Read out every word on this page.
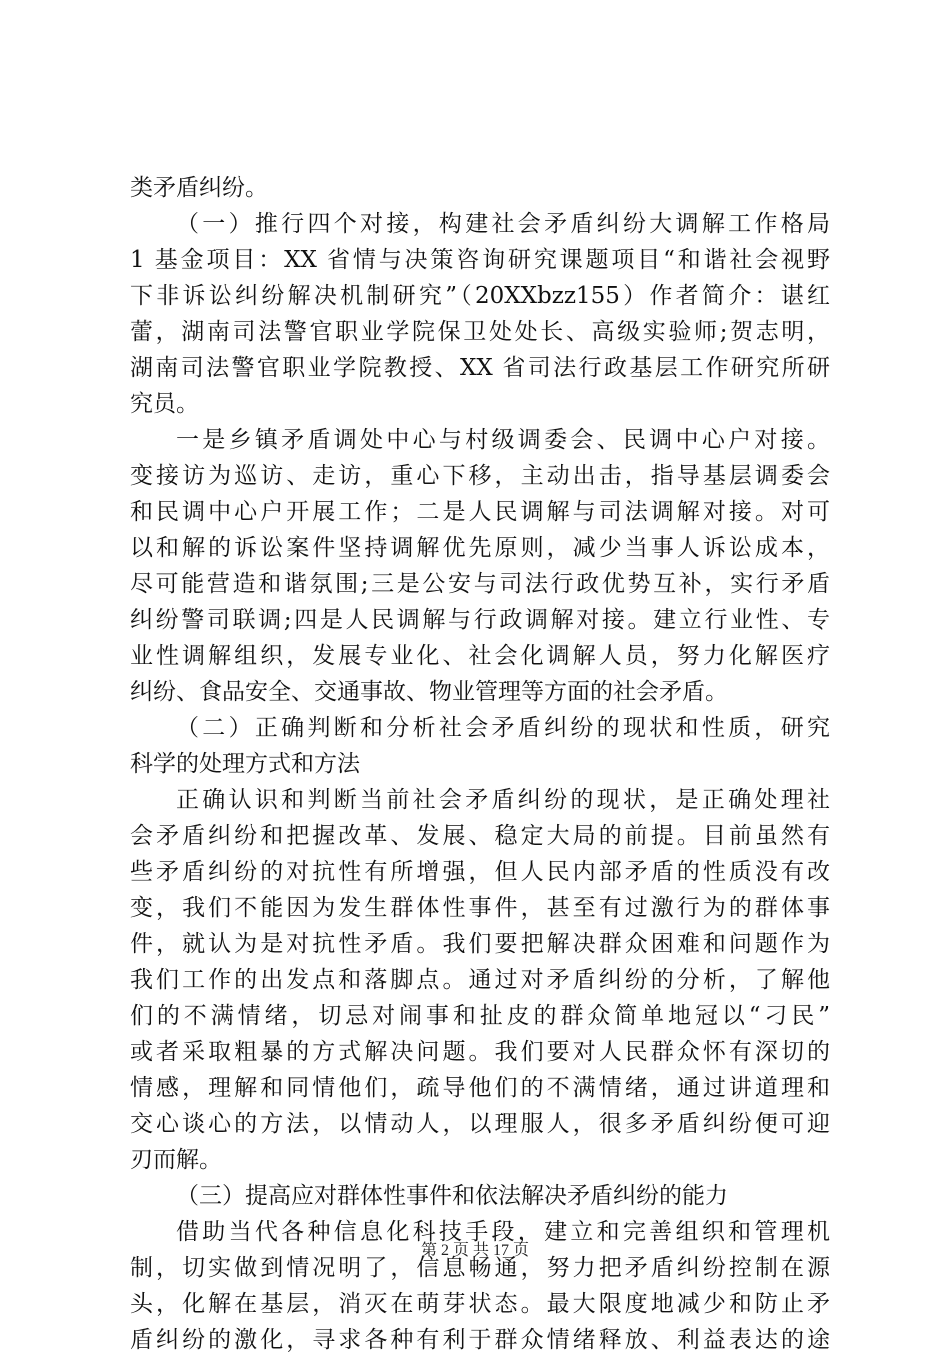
类矛盾纠纷。
（一）推行四个对接，构建社会矛盾纠纷大调解工作格局
1 基金项目：XX 省情与决策咨询研究课题项目“和谐社会视野
下非诉讼纠纷解决机制研究”（20XXbzz155）作者简介：谌红
蕾，湖南司法警官职业学院保卫处处长、高级实验师;贺志明，
湖南司法警官职业学院教授、XX 省司法行政基层工作研究所研
究员。
一是乡镇矛盾调处中心与村级调委会、民调中心户对接。
变接访为巡访、走访，重心下移，主动出击，指导基层调委会
和民调中心户开展工作；二是人民调解与司法调解对接。对可
以和解的诉讼案件坚持调解优先原则，减少当事人诉讼成本，
尽可能营造和谐氛围;三是公安与司法行政优势互补，实行矛盾
纠纷警司联调;四是人民调解与行政调解对接。建立行业性、专
业性调解组织，发展专业化、社会化调解人员，努力化解医疗
纠纷、食品安全、交通事故、物业管理等方面的社会矛盾。
（二）正确判断和分析社会矛盾纠纷的现状和性质，研究
科学的处理方式和方法
正确认识和判断当前社会矛盾纠纷的现状，是正确处理社
会矛盾纠纷和把握改革、发展、稳定大局的前提。目前虽然有
些矛盾纠纷的对抗性有所增强，但人民内部矛盾的性质没有改
变，我们不能因为发生群体性事件，甚至有过激行为的群体事
件，就认为是对抗性矛盾。我们要把解决群众困难和问题作为
我们工作的出发点和落脚点。通过对矛盾纠纷的分析，了解他
们的不满情绪，切忌对闹事和扯皮的群众简单地冠以“刁民”
或者采取粗暴的方式解决问题。我们要对人民群众怀有深切的
情感，理解和同情他们，疏导他们的不满情绪，通过讲道理和
交心谈心的方法，以情动人，以理服人，很多矛盾纠纷便可迎
刃而解。
（三）提高应对群体性事件和依法解决矛盾纠纷的能力
借助当代各种信息化科技手段，建立和完善组织和管理机
制，切实做到情况明了，信息畅通，努力把矛盾纠纷控制在源
头，化解在基层，消灭在萌芽状态。最大限度地减少和防止矛
盾纠纷的激化，寻求各种有利于群众情绪释放、利益表达的途
第 2 页 共 17 页
